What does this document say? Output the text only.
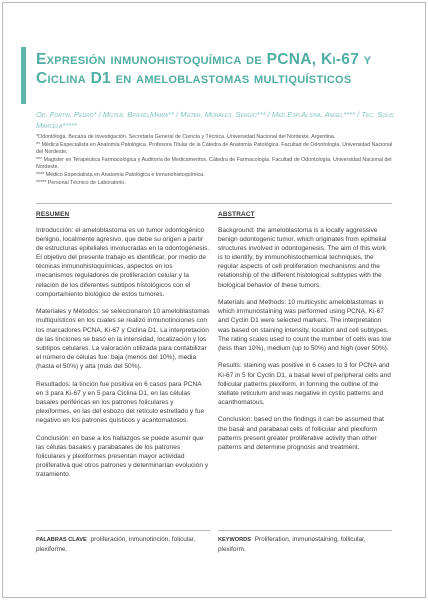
Expresión inmunohistoquímica de PCNA, Ki-67 y Ciclina D1 en ameloblastomas multiquísticos
Od. Fortin, Pedro* / Mgter. Briend,Maria** / Mgter. Morales, Sergio*** / Med.Esp.Alsina, Angel**** / Tec. Solis Marcela*****

*Odontóloga. Becaria de investigación. Secretaría General de Ciencia y Técnica. Universidad Nacional del Nordeste. Argentina.

** Médica Especialista en Anatomía Patológica. Profesora Titular de la Cátedra de Anatomía Patológica. Facultad de Odontología. Universidad Nacional del Nordeste.

*** Magister en Terapéutica Farmacológica y Auditoría de Medicamentos. Cátedra de Farmacología. Facultad de Odontología. Universidad Nacional del Nordeste.

**** Médico Especialista en Anatomía Patológica e Inmunohistoquímica.

***** Personal Técnico de Laboratorio.

RESUMEN

Introducción: el ameloblastoma es un tumor odontogénico benigno, localmente agresivo, que debe su origen a partir de estructuras epiteliales involucradas en la odontogénesis. El objetivo del presente trabajo es identificar, por medio de técnicas inmunohistoquímicas, aspectos en los mecanismos reguladores de proliferación celular y la relación de los diferentes subtipos histológicos con el comportamiento biológico de estos tumores.

Materiales y Métodos: se seleccionaron 10 ameloblastomas multiquísticos en los cuales se realizó inmunotinciones con los marcadores PCNA, Ki-67 y Ciclina D1. La interpretación de las tinciones se basó en la intensidad, localización y los subtipos celulares. La valoración utilizada para contabilizar el número de células fue: baja (menos del 10%), media (hasta el 50%) y alta (más del 50%).

Resultados: la tinción fue positiva en 6 casos para PCNA en 3 para Ki-67 y en 5 para Ciclina D1, en las células basales periféricas en los patrones foliculares y plexiformes, en las del esbozo del retículo estrellado y fue negativo en los patrones quísticos y acantomatosos.

Conclusión: en base a los hallazgos se puede asumir que las células basales y parabasales de los patrones foliculares y plexiformes presentan mayor actividad proliferativa que otros patrones y determinarían evolución y tratamiento.

ABSTRACT

Background: the ameloblastoma is a locally aggressive benign odontogenic tumor, which originates from epithelial structures involved in odontogenesis. The aim of this work is to identify, by immunohistochemical techniques, the regular aspects of cell proliferation mechanisms and the relationship of the different histological subtypes with the biological behavior of these tumors.

Materials and Methods: 10 multicystic ameloblastomas in which immunostaining was performed using PCNA, Ki-67 and Cyclin D1 were selected markers. The interpretation was based on staining intensity, location and cell subtypes. The rating scales used to count the number of cells was low (less than 10%), medium (up to 50%) and high (over 50%).

Results: staining was positive in 6 cases to 3 for PCNA and Ki-67 in 5 for Cyclin D1, a basal level of peripheral cells and follicular patterns plexiform, in forming the outline of the stellate reticulum and was negative in cystic patterns and acanthomatous.

Conclusion: based on the findings it can be assumed that the basal and parabasal cells of follicular and plexiform patterns present greater proliferative activity than other patterns and determine prognosis and treatment.

PALABRAS CLAVE proliferación, inmunotinción, folicular, plexiforme.
KEYWORDS Proliferation, immunostaining, follicular, plexiform.
